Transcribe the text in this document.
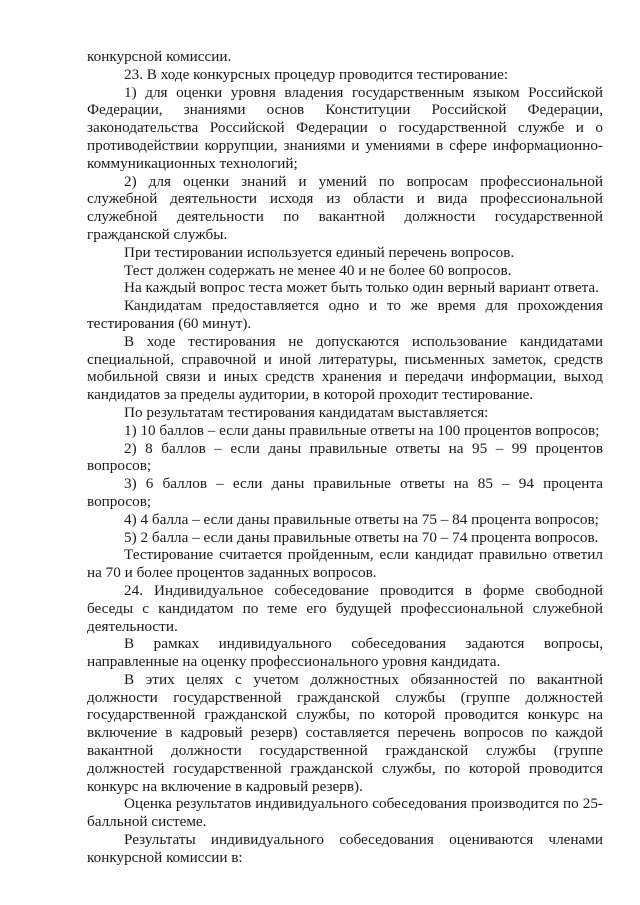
конкурсной комиссии.

23. В ходе конкурсных процедур проводится тестирование:

1) для оценки уровня владения государственным языком Российской Федерации, знаниями основ Конституции Российской Федерации, законодательства Российской Федерации о государственной службе и о противодействии коррупции, знаниями и умениями в сфере информационно-коммуникационных технологий;

2) для оценки знаний и умений по вопросам профессиональной служебной деятельности исходя из области и вида профессиональной служебной деятельности по вакантной должности государственной гражданской службы.

При тестировании используется единый перечень вопросов.

Тест должен содержать не менее 40 и не более 60 вопросов.

На каждый вопрос теста может быть только один верный вариант ответа.

Кандидатам предоставляется одно и то же время для прохождения тестирования (60 минут).

В ходе тестирования не допускаются использование кандидатами специальной, справочной и иной литературы, письменных заметок, средств мобильной связи и иных средств хранения и передачи информации, выход кандидатов за пределы аудитории, в которой проходит тестирование.

По результатам тестирования кандидатам выставляется:

1) 10 баллов – если даны правильные ответы на 100 процентов вопросов;

2) 8 баллов – если даны правильные ответы на 95 – 99 процентов вопросов;

3) 6 баллов – если даны правильные ответы на 85 – 94 процента вопросов;

4) 4 балла – если даны правильные ответы на 75 – 84 процента вопросов;

5) 2 балла – если даны правильные ответы на 70 – 74 процента вопросов.

Тестирование считается пройденным, если кандидат правильно ответил на 70 и более процентов заданных вопросов.

24. Индивидуальное собеседование проводится в форме свободной беседы с кандидатом по теме его будущей профессиональной служебной деятельности.

В рамках индивидуального собеседования задаются вопросы, направленные на оценку профессионального уровня кандидата.

В этих целях с учетом должностных обязанностей по вакантной должности государственной гражданской службы (группе должностей государственной гражданской службы, по которой проводится конкурс на включение в кадровый резерв) составляется перечень вопросов по каждой вакантной должности государственной гражданской службы (группе должностей государственной гражданской службы, по которой проводится конкурс на включение в кадровый резерв).

Оценка результатов индивидуального собеседования производится по 25-балльной системе.

Результаты индивидуального собеседования оцениваются членами конкурсной комиссии в:
